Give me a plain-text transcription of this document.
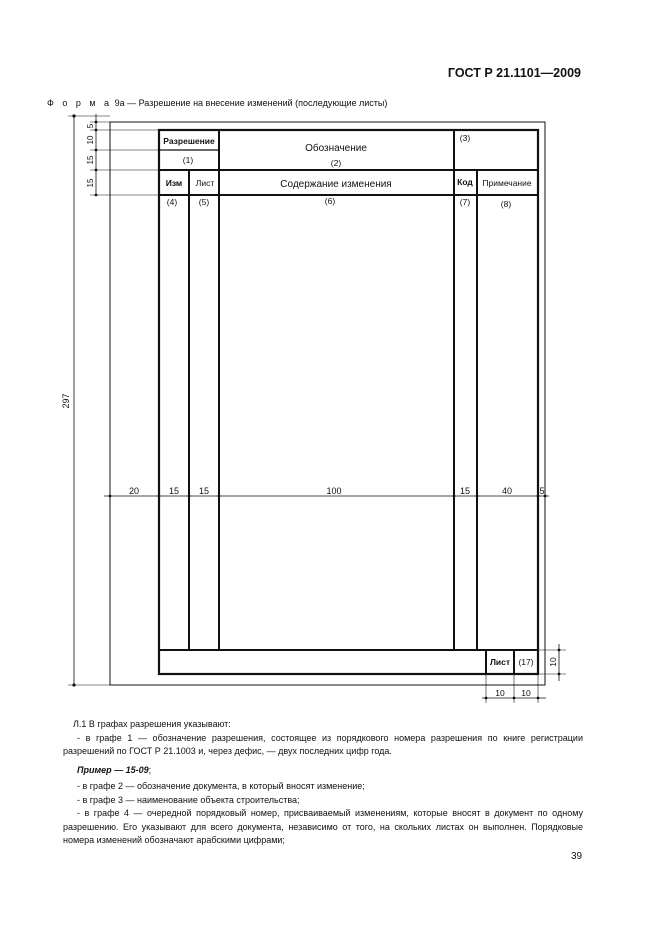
ГОСТ Р 21.1101—2009
Ф о р м а 9а — Разрешение на внесение изменений (последующие листы)
Разрешение
(1)
Обозначение
(2)
(3)
Изм Лист	Содержание изменения	Код Примечание
(4)	(5)	(6)	(7)	(8)
Лист (17)
297
5
10
15
15
20	15 15	100	15	40	5
10
10 10

Л.1 В графах разрешения указывают:

- в графе 1 — обозначение разрешения, состоящее из порядкового номера разрешения по книге регистрации разрешений по ГОСТ Р 21.1003 и, через дефис, — двух последних цифр года.

Пример — 15-09;

- в графе 2 — обозначение документа, в который вносят изменение;

- в графе 3 — наименование объекта строительства;

- в графе 4 — очередной порядковый номер, присваиваемый изменениям, которые вносят в документ по одному разрешению. Его указывают для всего документа, независимо от того, на скольких листах он выполнен. Порядковые номера изменений обозначают арабскими цифрами;

39
